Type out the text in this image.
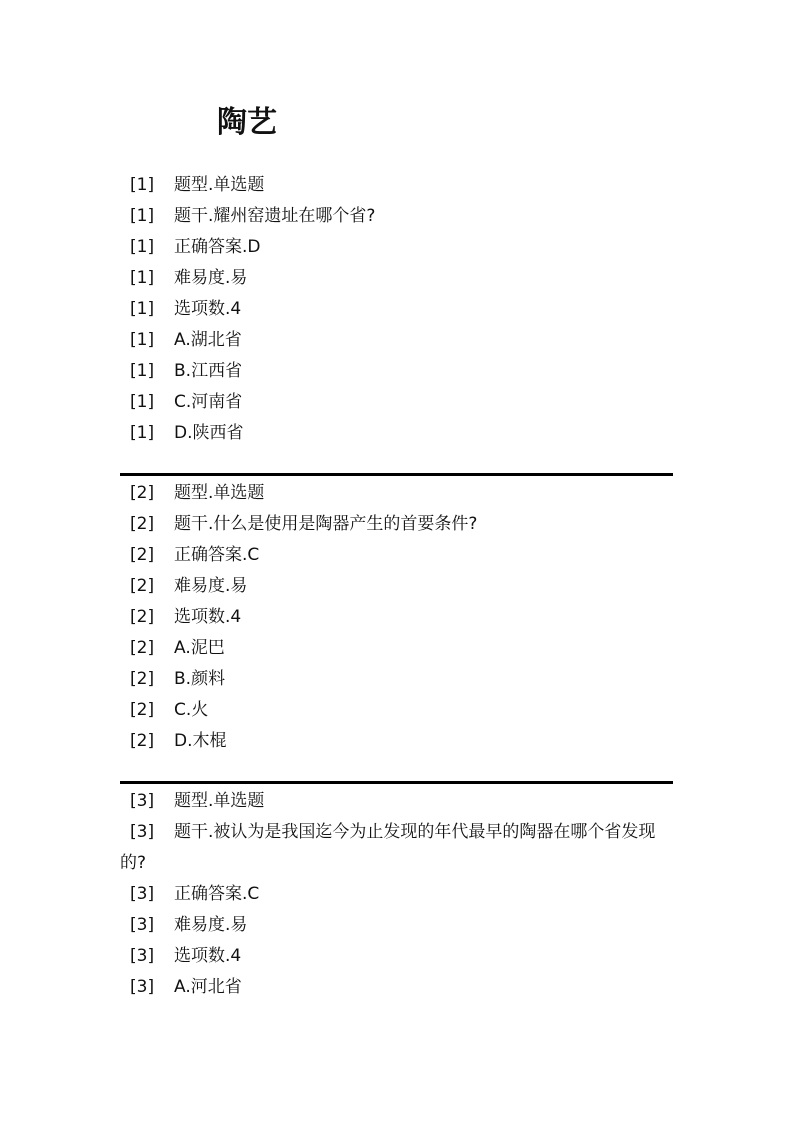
陶艺

[1] 题型.单选题

[1] 题干.耀州窑遗址在哪个省?

[1] 正确答案.D

[1] 难易度.易

[1] 选项数.4

[1] A.湖北省

[1] B.江西省

[1] C.河南省

[1] D.陕西省

[2] 题型.单选题

[2] 题干.什么是使用是陶器产生的首要条件?

[2] 正确答案.C

[2] 难易度.易

[2] 选项数.4

[2] A.泥巴

[2] B.颜料

[2] C.火

[2] D.木棍

[3] 题型.单选题

[3] 题干.被认为是我国迄今为止发现的年代最早的陶器在哪个省发现的?

[3] 正确答案.C

[3] 难易度.易

[3] 选项数.4

[3] A.河北省
